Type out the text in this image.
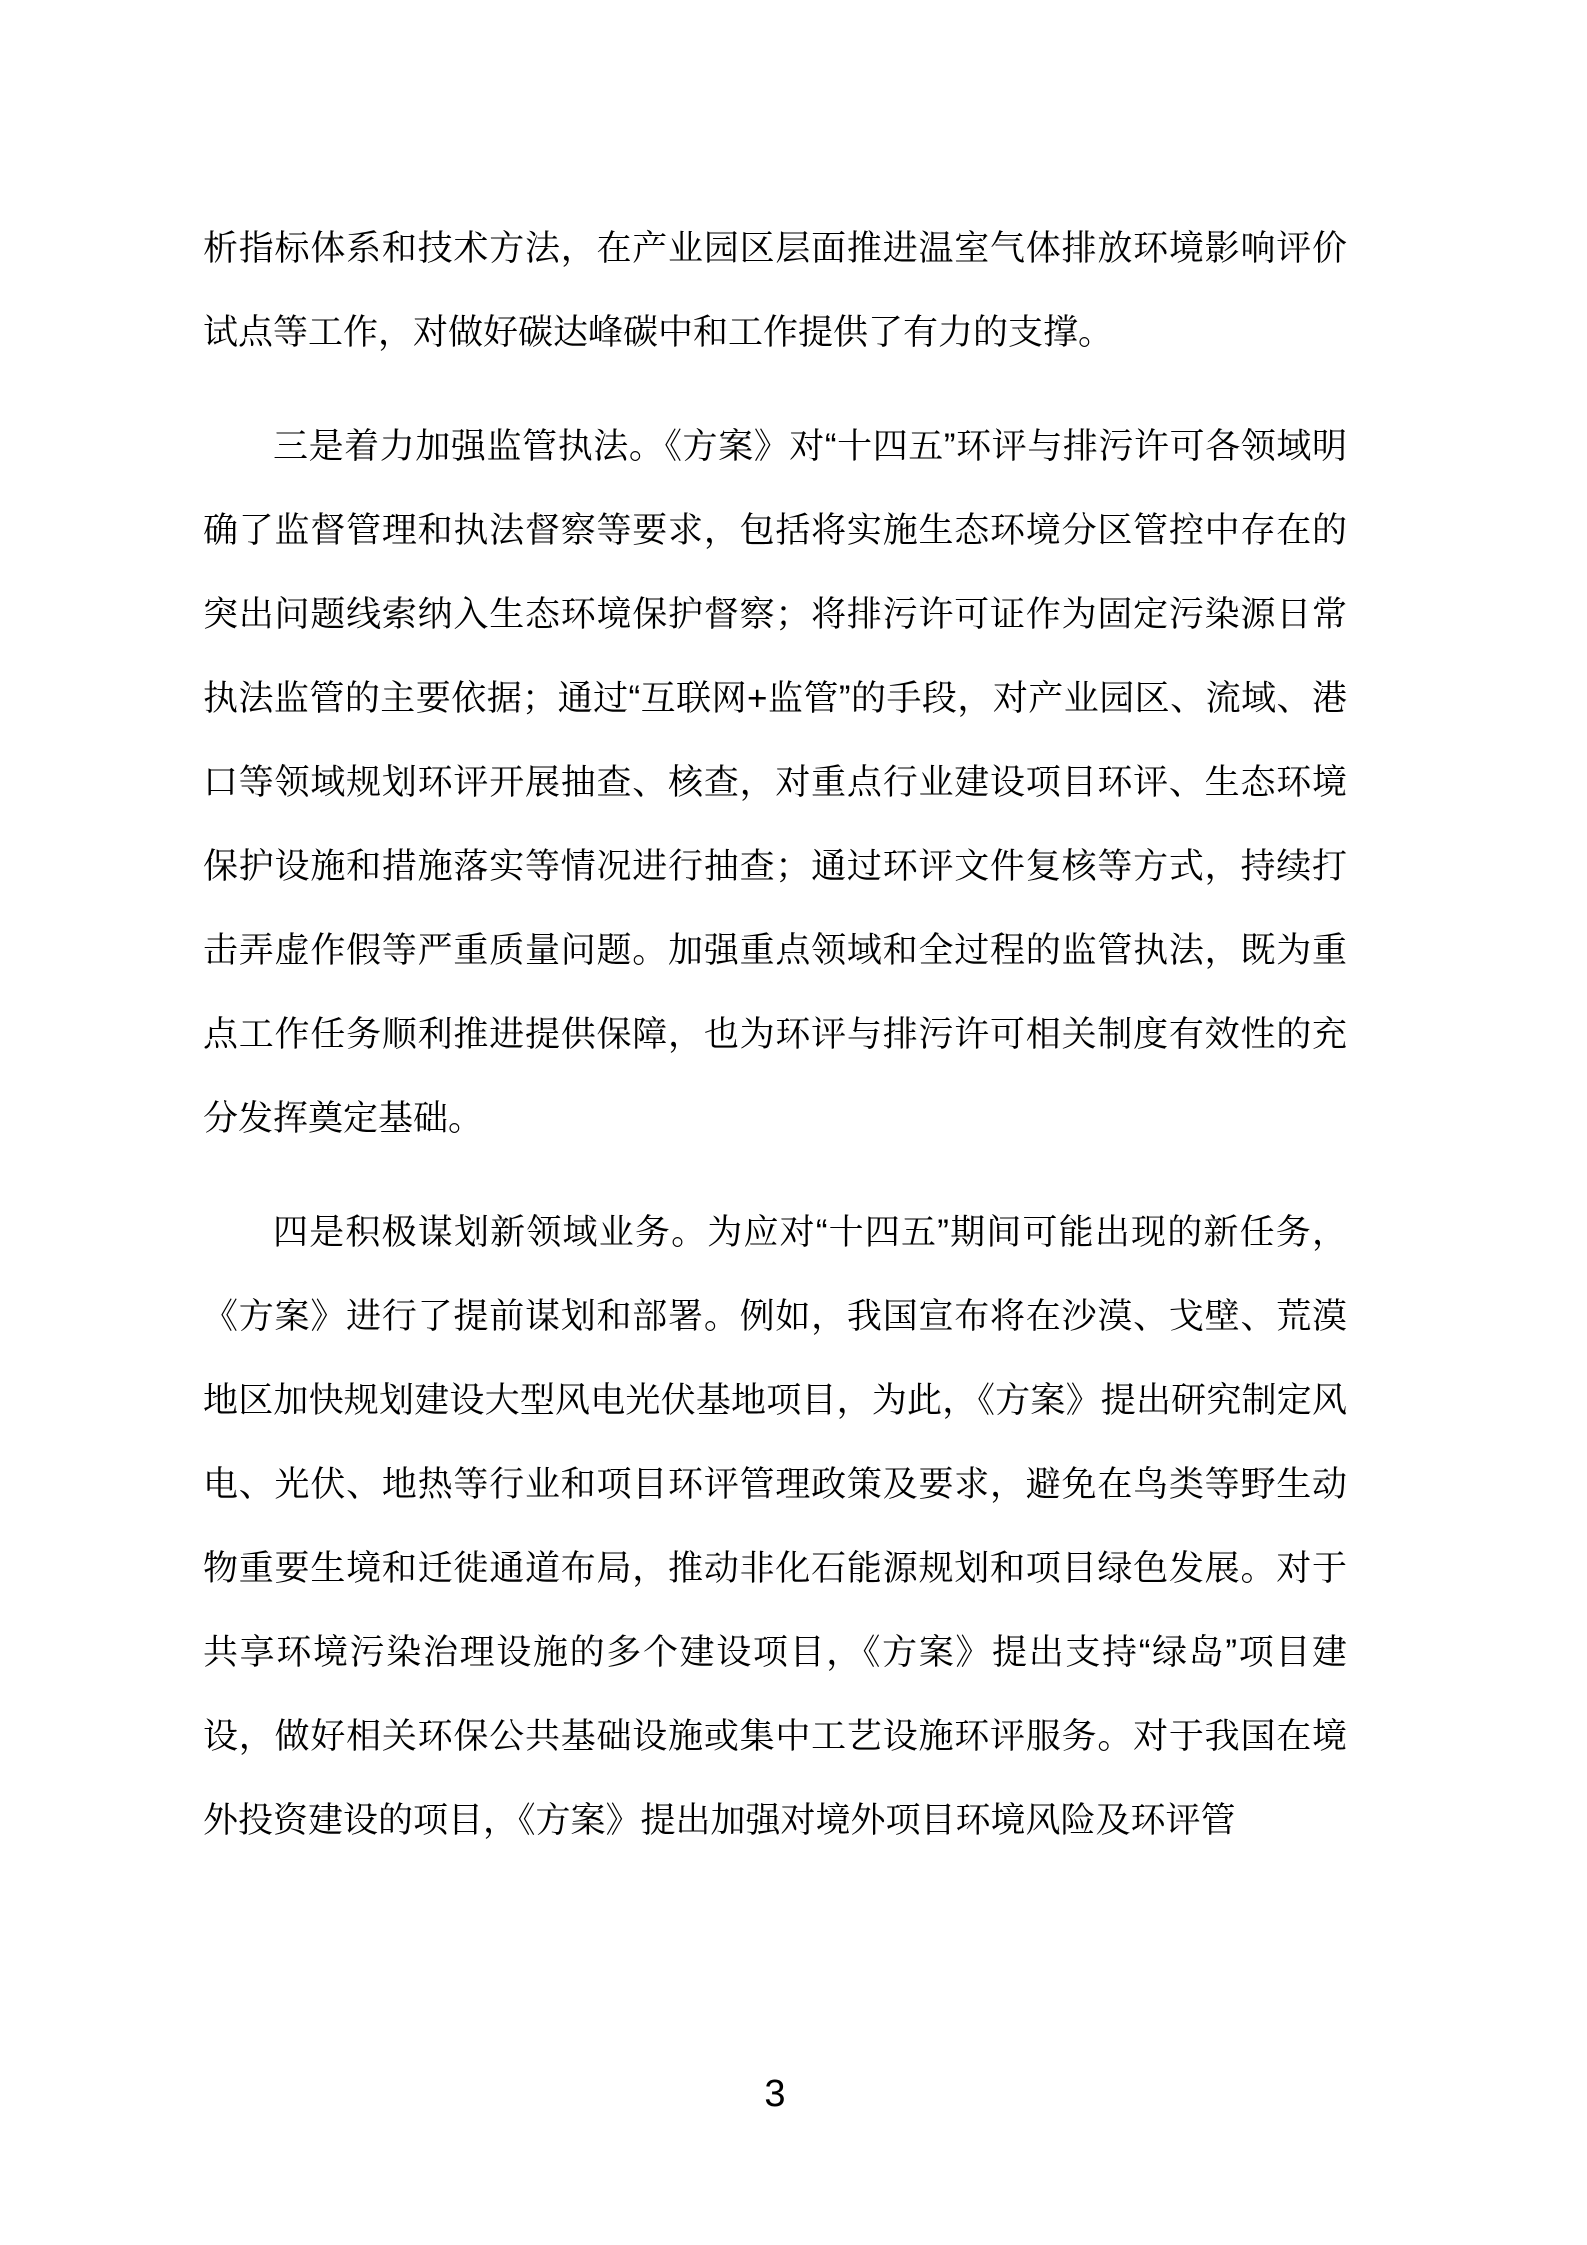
析指标体系和技术方法，在产业园区层面推进温室气体排放环境影响评价试点等工作，对做好碳达峰碳中和工作提供了有力的支撑。

三是着力加强监管执法。《方案》对“十四五”环评与排污许可各领域明确了监督管理和执法督察等要求，包括将实施生态环境分区管控中存在的突出问题线索纳入生态环境保护督察；将排污许可证作为固定污染源日常执法监管的主要依据；通过“互联网+监管”的手段，对产业园区、流域、港口等领域规划环评开展抽查、核查，对重点行业建设项目环评、生态环境保护设施和措施落实等情况进行抽查；通过环评文件复核等方式，持续打击弄虚作假等严重质量问题。加强重点领域和全过程的监管执法，既为重点工作任务顺利推进提供保障，也为环评与排污许可相关制度有效性的充分发挥奠定基础。

四是积极谋划新领域业务。为应对“十四五”期间可能出现的新任务，《方案》进行了提前谋划和部署。例如，我国宣布将在沙漠、戈壁、荒漠地区加快规划建设大型风电光伏基地项目，为此，《方案》提出研究制定风电、光伏、地热等行业和项目环评管理政策及要求，避免在鸟类等野生动物重要生境和迁徙通道布局，推动非化石能源规划和项目绿色发展。对于共享环境污染治理设施的多个建设项目，《方案》提出支持“绿岛”项目建设，做好相关环保公共基础设施或集中工艺设施环评服务。对于我国在境外投资建设的项目，《方案》提出加强对境外项目环境风险及环评管

3
